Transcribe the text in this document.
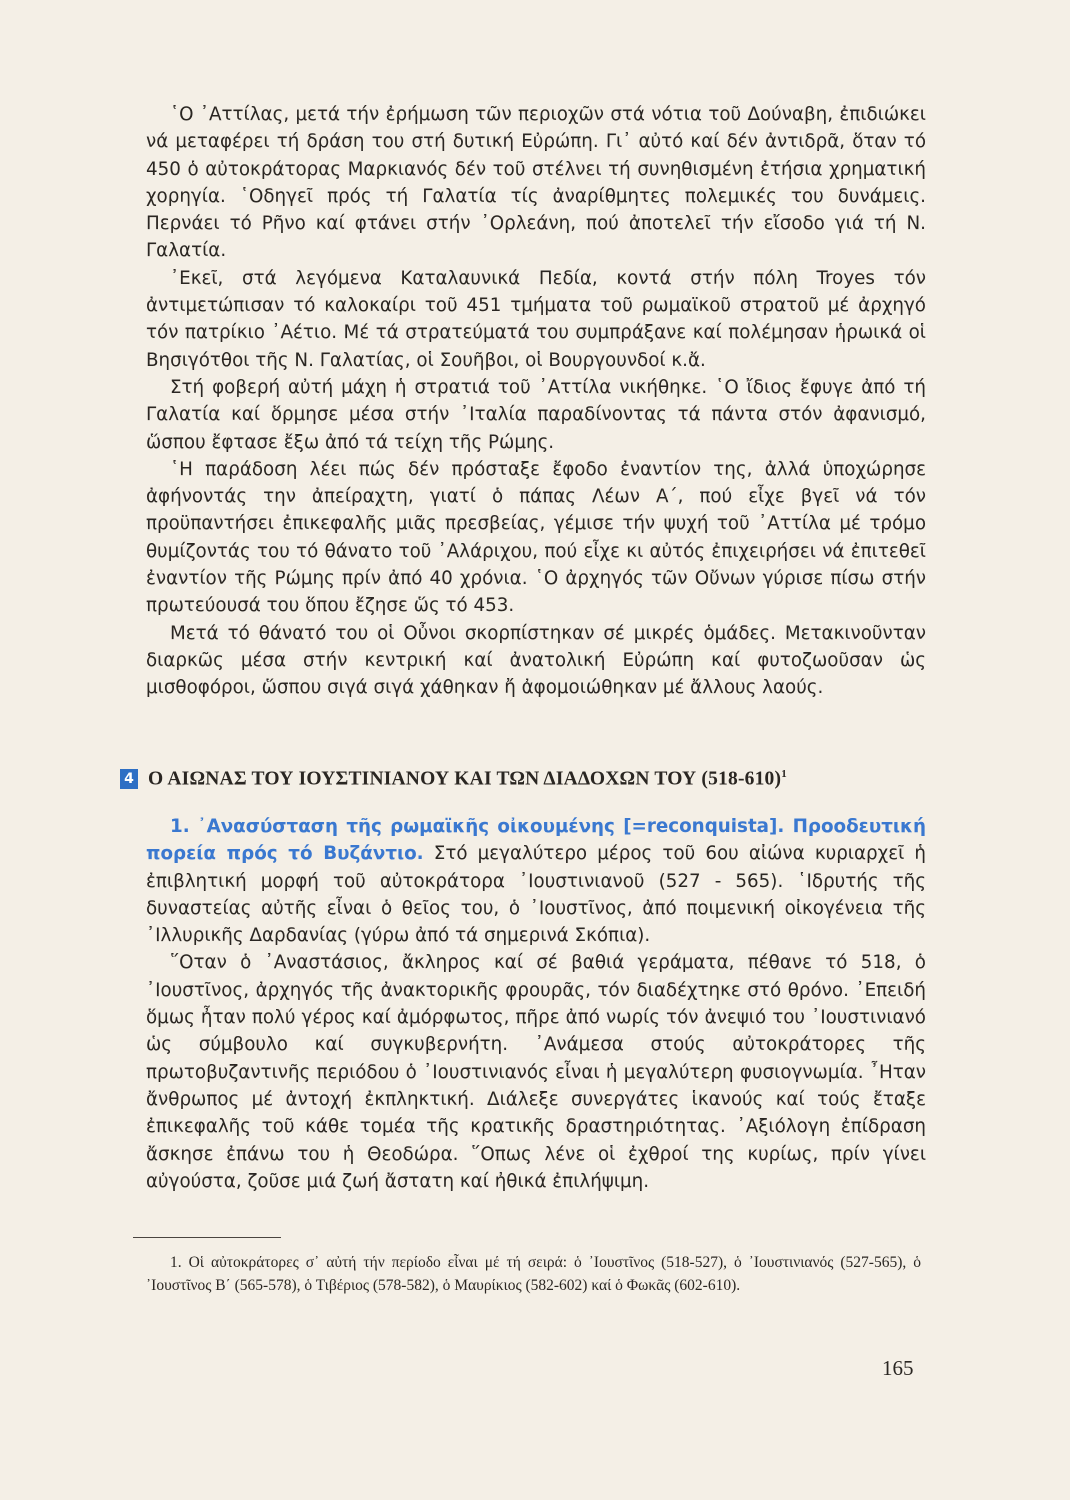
῾Ο ᾿Αττίλας, μετά τήν ἐρήμωση τῶν περιοχῶν στά νότια τοῦ Δούναβη, ἐπιδιώκει νά μεταφέρει τή δράση του στή δυτική Εὐρώπη. Γι᾿ αὐτό καί δέν ἀντιδρᾶ, ὅταν τό 450 ὁ αὐτοκράτορας Μαρκιανός δέν τοῦ στέλνει τή συνηθισμένη ἐτήσια χρηματική χορηγία. ῾Οδηγεῖ πρός τή Γαλατία τίς ἀναρίθμητες πολεμικές του δυνάμεις. Περνάει τό Ρῆνο καί φτάνει στήν ᾿Ορλεάνη, πού ἀποτελεῖ τήν εἴσοδο γιά τή Ν. Γαλατία.

᾿Εκεῖ, στά λεγόμενα Καταλαυνικά Πεδία, κοντά στήν πόλη Troyes τόν ἀντιμετώπισαν τό καλοκαίρι τοῦ 451 τμήματα τοῦ ρωμαϊκοῦ στρατοῦ μέ ἀρχηγό τόν πατρίκιο ᾿Αέτιο. Μέ τά στρατεύματά του συμπράξανε καί πολέμησαν ἡρωικά οἱ Βησιγότθοι τῆς Ν. Γαλατίας, οἱ Σουῆβοι, οἱ Βουργουνδοί κ.ἄ.

Στή φοβερή αὐτή μάχη ἡ στρατιά τοῦ ᾿Αττίλα νικήθηκε. ῾Ο ἴδιος ἔφυγε ἀπό τή Γαλατία καί ὅρμησε μέσα στήν ᾿Ιταλία παραδίνοντας τά πάντα στόν ἀφανισμό, ὥσπου ἔφτασε ἔξω ἀπό τά τείχη τῆς Ρώμης.

῾Η παράδοση λέει πώς δέν πρόσταξε ἔφοδο ἐναντίον της, ἀλλά ὑποχώρησε ἀφήνοντάς την ἀπείραχτη, γιατί ὁ πάπας Λέων Α΄, πού εἶχε βγεῖ νά τόν προϋπαντήσει ἐπικεφαλῆς μιᾶς πρεσβείας, γέμισε τήν ψυχή τοῦ ᾿Αττίλα μέ τρόμο θυμίζοντάς του τό θάνατο τοῦ ᾿Αλάριχου, πού εἶχε κι αὐτός ἐπιχειρήσει νά ἐπιτεθεῖ ἐναντίον τῆς Ρώμης πρίν ἀπό 40 χρόνια. ῾Ο ἀρχηγός τῶν Οὔνων γύρισε πίσω στήν πρωτεύουσά του ὅπου ἔζησε ὥς τό 453.

Μετά τό θάνατό του οἱ Οὖνοι σκορπίστηκαν σέ μικρές ὁμάδες. Μετακινοῦνταν διαρκῶς μέσα στήν κεντρική καί ἀνατολική Εὐρώπη καί φυτοζωοῦσαν ὡς μισθοφόροι, ὥσπου σιγά σιγά χάθηκαν ἤ ἀφομοιώθηκαν μέ ἄλλους λαούς.

4 Ο ΑΙΩΝΑΣ ΤΟΥ ΙΟΥΣΤΙΝΙΑΝΟΥ ΚΑΙ ΤΩΝ ΔΙΑΔΟΧΩΝ ΤΟΥ $(518-610)^1$

1. ᾿Ανασύσταση τῆς ρωμαϊκῆς οἰκουμένης [=reconquista]. Προοδευτική πορεία πρός τό Βυζάντιο. Στό μεγαλύτερο μέρος τοῦ 6ου αἰώνα κυριαρχεῖ ἡ ἐπιβλητική μορφή τοῦ αὐτοκράτορα ᾿Ιουστινιανοῦ (527 - 565). ῾Ιδρυτής τῆς δυναστείας αὐτῆς εἶναι ὁ θεῖος του, ὁ ᾿Ιουστῖνος, ἀπό ποιμενική οἰκογένεια τῆς ᾿Ιλλυρικῆς Δαρδανίας (γύρω ἀπό τά σημερινά Σκόπια).

῞Οταν ὁ ᾿Αναστάσιος, ἄκληρος καί σέ βαθιά γεράματα, πέθανε τό 518, ὁ ᾿Ιουστῖνος, ἀρχηγός τῆς ἀνακτορικῆς φρουρᾶς, τόν διαδέχτηκε στό θρόνο. ᾿Επειδή ὅμως ἦταν πολύ γέρος καί ἀμόρφωτος, πῆρε ἀπό νωρίς τόν ἀνεψιό του ᾿Ιουστινιανό ὡς σύμβουλο καί συγκυβερνήτη. ᾿Ανάμεσα στούς αὐτοκράτορες τῆς πρωτοβυζαντινῆς περιόδου ὁ ᾿Ιουστινιανός εἶναι ἡ μεγαλύτερη φυσιογνωμία. ῏Ηταν ἄνθρωπος μέ ἀντοχή ἐκπληκτική. Διάλεξε συνεργάτες ἱκανούς καί τούς ἔταξε ἐπικεφαλῆς τοῦ κάθε τομέα τῆς κρατικῆς δραστηριότητας. ᾿Αξιόλογη ἐπίδραση ἄσκησε ἐπάνω του ἡ Θεοδώρα. ῞Οπως λένε οἱ ἐχθροί της κυρίως, πρίν γίνει αὐγούστα, ζοῦσε μιά ζωή ἄστατη καί ἠθικά ἐπιλήψιμη.

1. Οἱ αὐτοκράτορες σ᾿ αὐτή τήν περίοδο εἶναι μέ τή σειρά: ὁ ᾿Ιουστῖνος (518-527), ὁ ᾿Ιουστινιανός (527-565), ὁ ᾿Ιουστῖνος Β΄ (565-578), ὁ Τιβέριος (578-582), ὁ Μαυρίκιος (582-602) καί ὁ Φωκᾶς (602-610).

165
